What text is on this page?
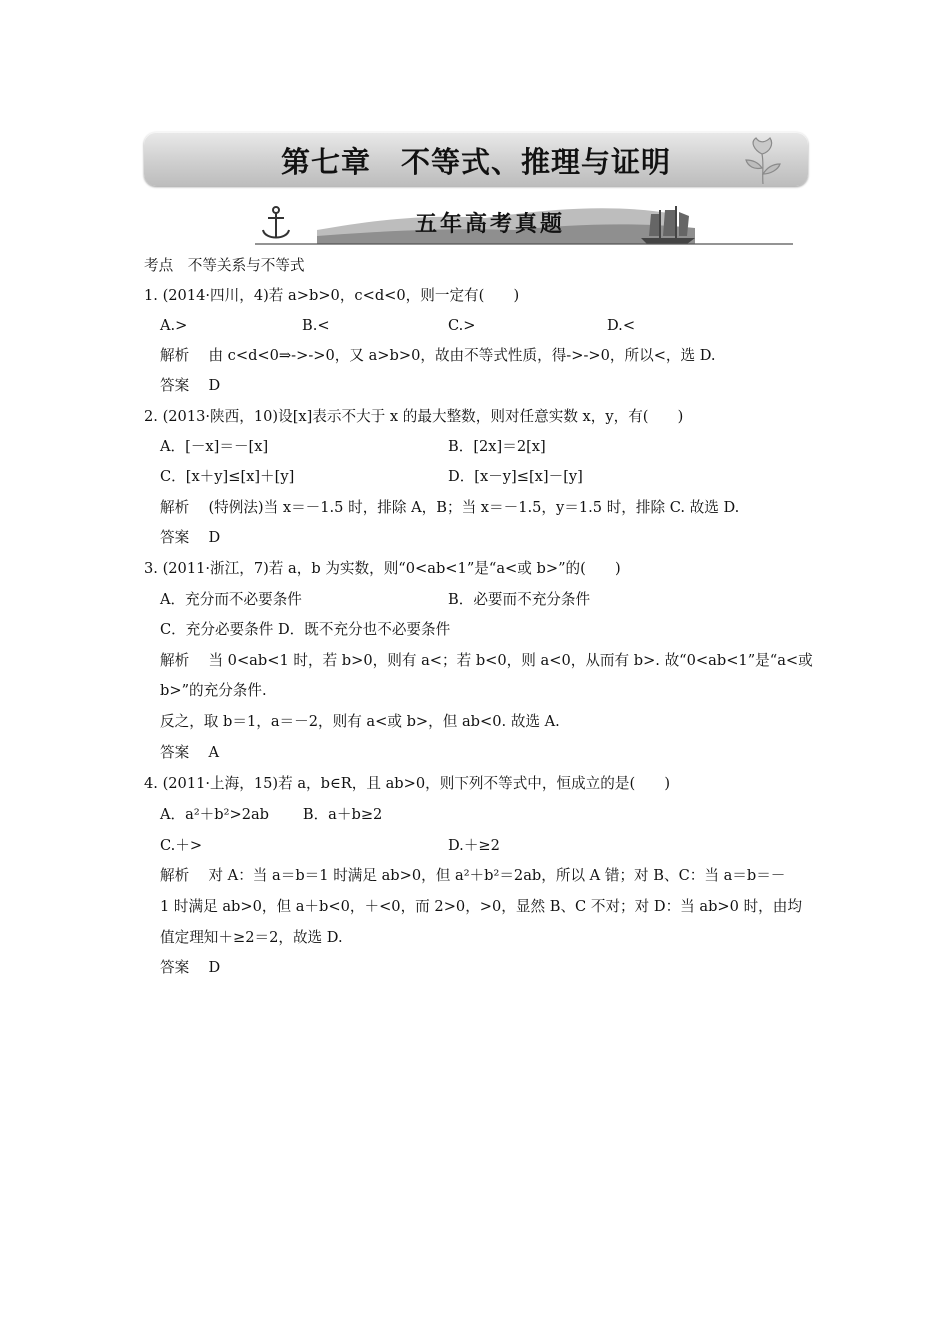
第七章　不等式、推理与证明
五年高考真题
考点　不等关系与不等式
1. (2014·四川，4)若 a>b>0，c<d<0，则一定有(　　)
A.>	B.<	C.>	D.<
解析　 由 c<d<0⇒->->0，又 a>b>0，故由不等式性质，得->->0，所以<，选 D.
答案　 D
2. (2013·陕西，10)设[x]表示不大于 x 的最大整数，则对任意实数 x，y，有(　　)
A．[－x]＝－[x]	B．[2x]＝2[x]
C．[x＋y]≤[x]＋[y]	D．[x－y]≤[x]－[y]
解析　 (特例法)当 x＝－1.5 时，排除 A，B；当 x＝－1.5，y＝1.5 时，排除 C. 故选 D.
答案　 D
3. (2011·浙江，7)若 a，b 为实数，则“0<ab<1”是“a<或 b>”的(　　)
A．充分而不必要条件	B．必要而不充分条件
C．充分必要条件 D．既不充分也不必要条件
解析　 当 0<ab<1 时，若 b>0，则有 a<；若 b<0，则 a<0，从而有 b>. 故“0<ab<1”是“a<或
b>”的充分条件.
反之，取 b＝1，a＝－2，则有 a<或 b>，但 ab<0. 故选 A.
答案　 A
4. (2011·上海，15)若 a，b∈R，且 ab>0，则下列不等式中，恒成立的是(　　)
A．a²＋b²>2ab　　 B．a＋b≥2
C.＋>	D.＋≥2
解析　 对 A：当 a＝b＝1 时满足 ab>0，但 a²＋b²＝2ab，所以 A 错；对 B、C：当 a＝b＝－
1 时满足 ab>0，但 a＋b<0，＋<0，而 2>0，>0，显然 B、C 不对；对 D：当 ab>0 时，由均
值定理知＋≥2＝2，故选 D.
答案　 D
